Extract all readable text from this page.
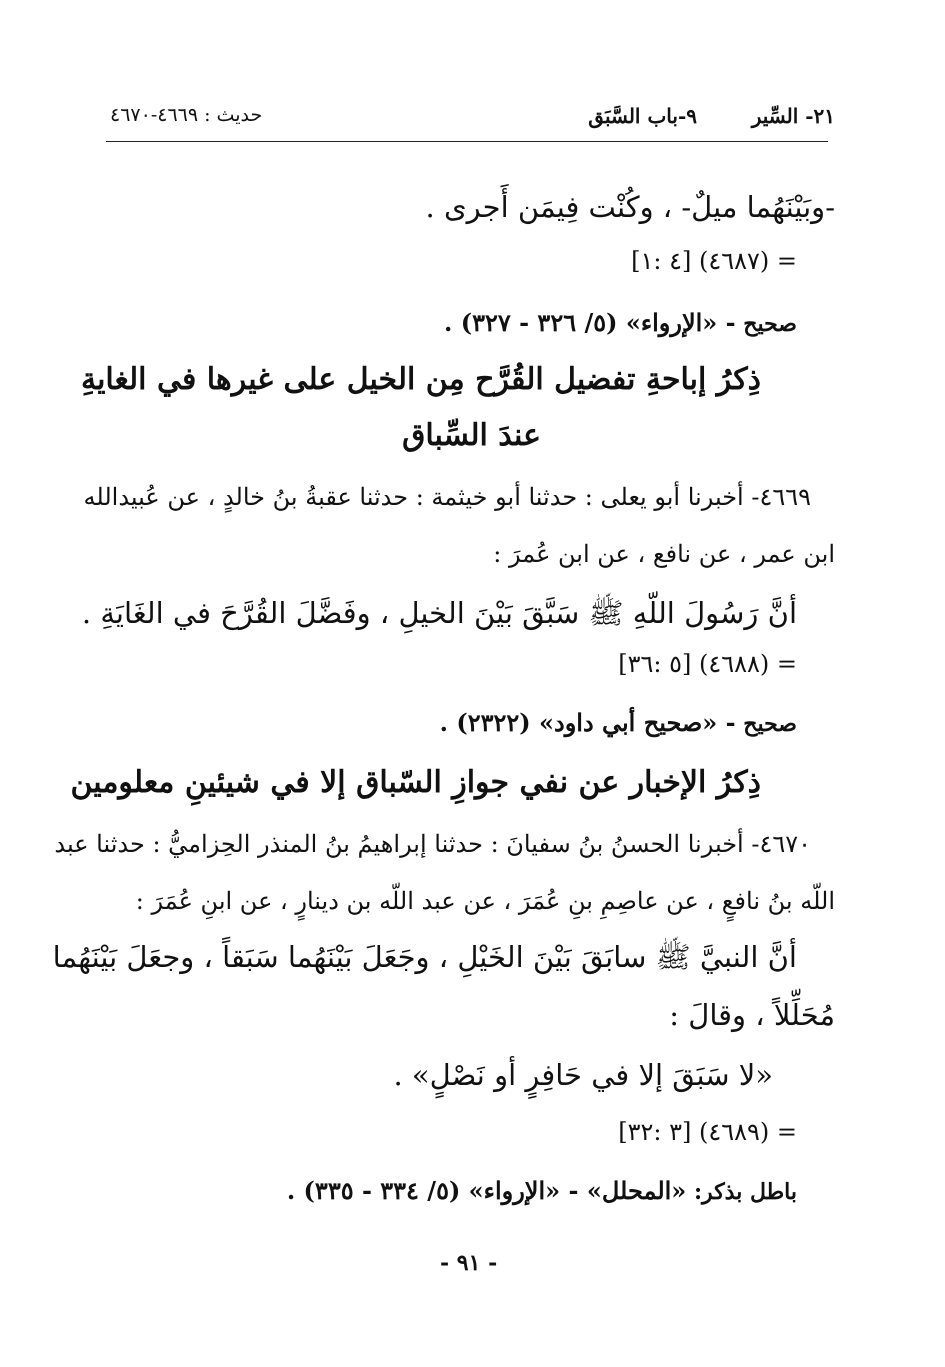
٢١- السِّير
٩-باب السَّبَق
حديث : ٤٦٦٩-٤٦٧٠
-وبَيْنَهُما ميلٌ- ، وكُنْت فِيمَن أَجرى .
= (٤٦٨٧) [٤ :١]
صحيح - «الإرواء» (٥/ ٣٢٦ - ٣٢٧) .
ذِكرُ إباحةِ تفضيل القُرَّح مِن الخيل على غيرها في الغايةِ
عندَ السِّباق
٤٦٦٩- أخبرنا أبو يعلى : حدثنا أبو خيثمة : حدثنا عقبةُ بنُ خالدٍ ، عن عُبيدالله
ابن عمر ، عن نافع ، عن ابن عُمرَ :
أنَّ رَسُولَ اللّهِ ﷺ سَبَّقَ بَيْنَ الخيلِ ، وفَضَّلَ القُرَّحَ في الغَايَةِ .
= (٤٦٨٨) [٥ :٣٦]
صحيح - «صحيح أبي داود» (٢٣٢٢) .
ذِكرُ الإخبار عن نفي جوازِ السّباق إلا في شيئينِ معلومين
٤٦٧٠- أخبرنا الحسنُ بنُ سفيانَ : حدثنا إبراهيمُ بنُ المنذر الحِزاميُّ : حدثنا عبد
اللّه بنُ نافعٍ ، عن عاصِمِ بنِ عُمَرَ ، عن عبد اللّه بن دينارٍ ، عن ابنِ عُمَرَ :
أنَّ النبيَّ ﷺ سابَقَ بَيْنَ الخَيْلِ ، وجَعَلَ بَيْنَهُما سَبَقاً ، وجعَلَ بَيْنَهُما
مُحَلِّلاً ، وقالَ :
«لا سَبَقَ إلا في حَافِرٍ أو نَصْلٍ» .
= (٤٦٨٩) [٣ :٣٢]
باطل بذكر: «المحلل» - «الإرواء» (٥/ ٣٣٤ - ٣٣٥) .
- ٩١ -
